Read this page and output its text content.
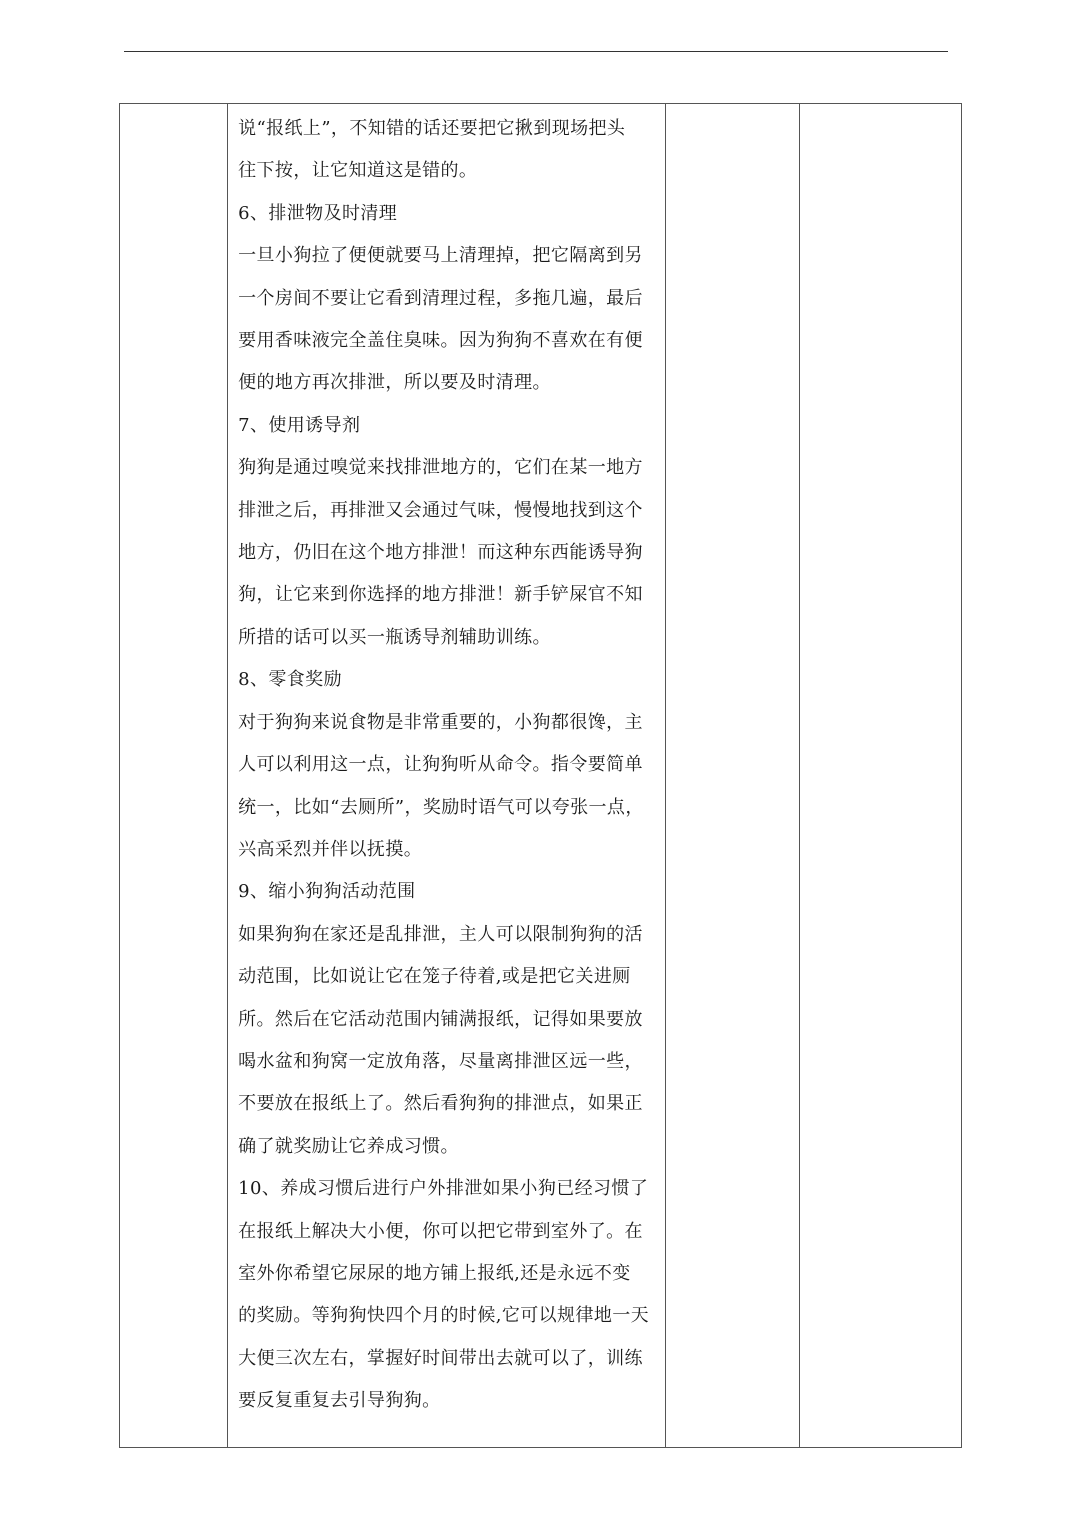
说“报纸上”，不知错的话还要把它揪到现场把头

往下按，让它知道这是错的。

6、排泄物及时清理

一旦小狗拉了便便就要马上清理掉，把它隔离到另

一个房间不要让它看到清理过程，多拖几遍，最后

要用香味液完全盖住臭味。因为狗狗不喜欢在有便

便的地方再次排泄，所以要及时清理。

7、使用诱导剂

狗狗是通过嗅觉来找排泄地方的，它们在某一地方

排泄之后，再排泄又会通过气味，慢慢地找到这个

地方，仍旧在这个地方排泄！而这种东西能诱导狗

狗，让它来到你选择的地方排泄！新手铲屎官不知

所措的话可以买一瓶诱导剂辅助训练。

8、零食奖励

对于狗狗来说食物是非常重要的，小狗都很馋，主

人可以利用这一点，让狗狗听从命令。指令要简单

统一，比如“去厕所”，奖励时语气可以夸张一点，

兴高采烈并伴以抚摸。

9、缩小狗狗活动范围

如果狗狗在家还是乱排泄，主人可以限制狗狗的活

动范围，比如说让它在笼子待着,或是把它关进厕

所。然后在它活动范围内铺满报纸，记得如果要放

喝水盆和狗窝一定放角落，尽量离排泄区远一些，

不要放在报纸上了。然后看狗狗的排泄点，如果正

确了就奖励让它养成习惯。

10、养成习惯后进行户外排泄如果小狗已经习惯了

在报纸上解决大小便，你可以把它带到室外了。在

室外你希望它尿尿的地方铺上报纸,还是永远不变

的奖励。等狗狗快四个月的时候,它可以规律地一天

大便三次左右，掌握好时间带出去就可以了，训练

要反复重复去引导狗狗。
